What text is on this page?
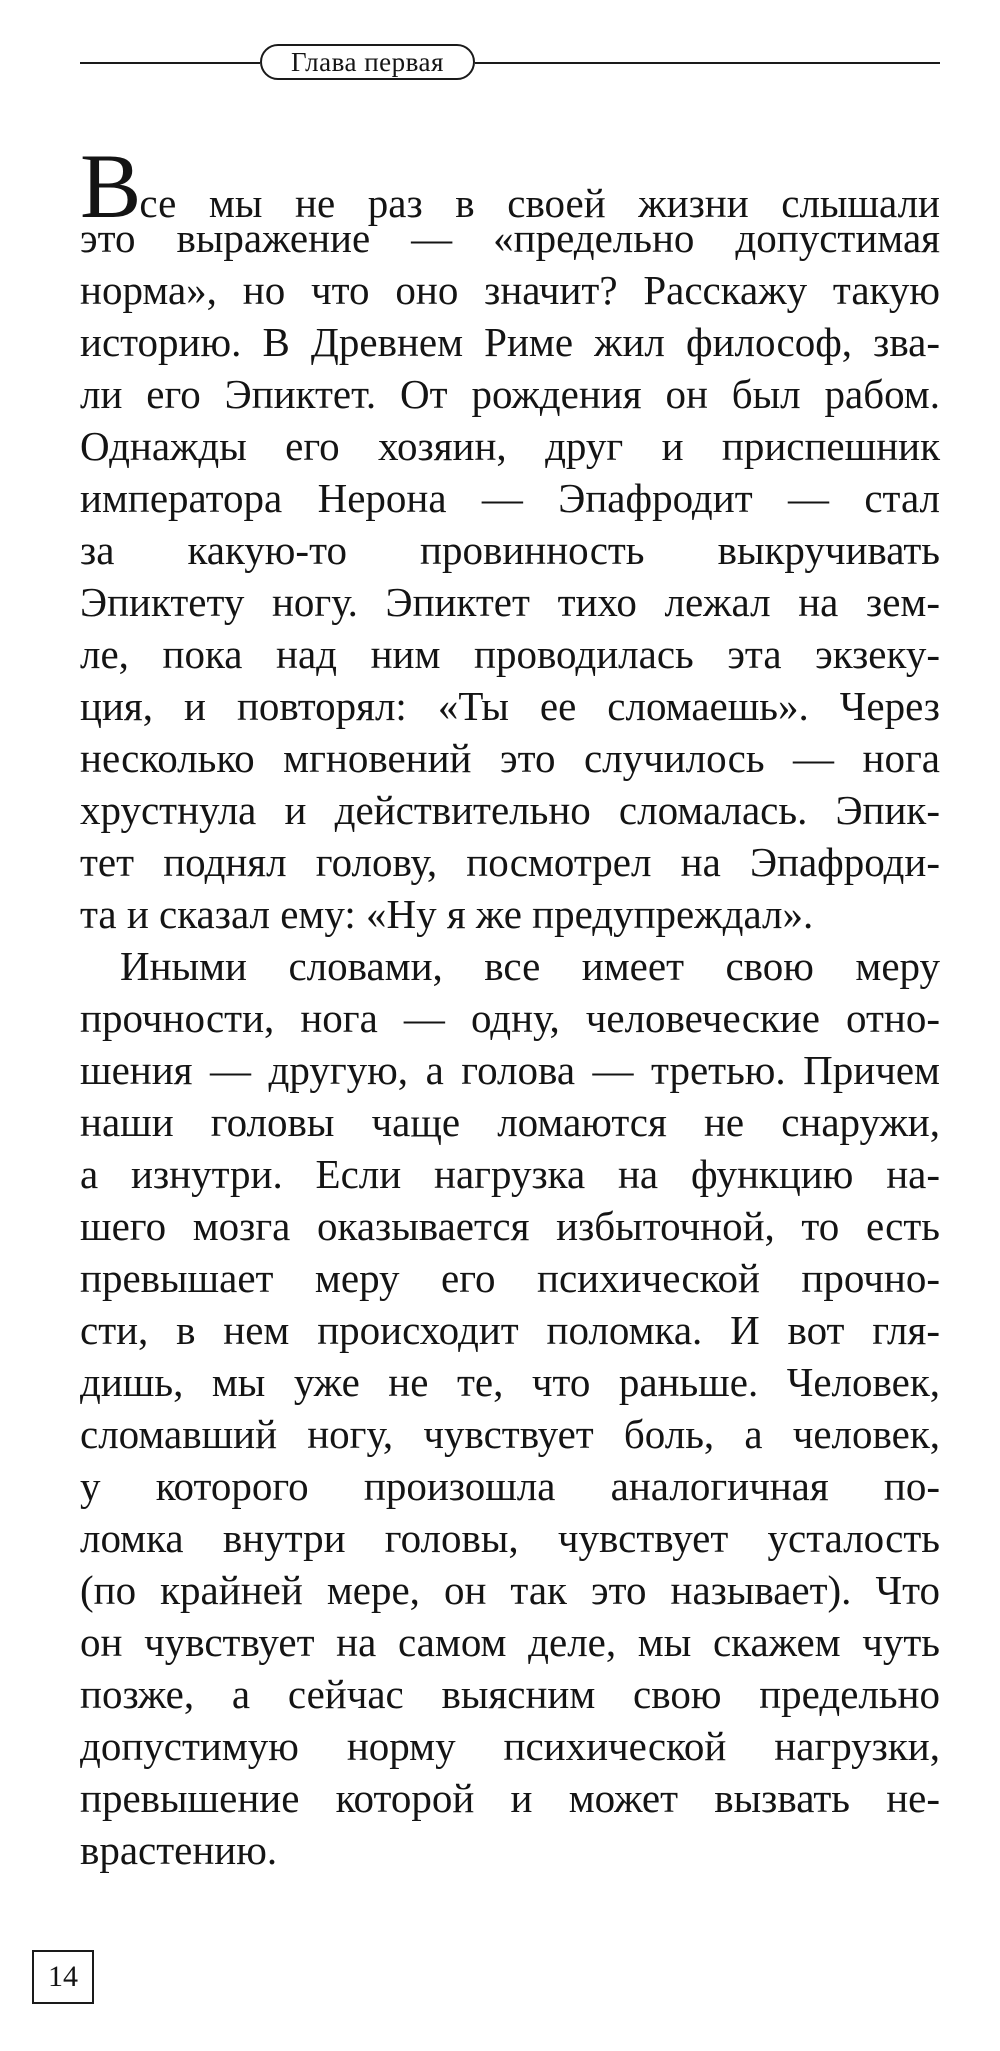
Глава первая
Все мы не раз в своей жизни слышали
это выражение — «предельно допустимая
норма», но что оно значит? Расскажу такую
историю. В Древнем Риме жил философ, зва-
ли его Эпиктет. От рождения он был рабом.
Однажды его хозяин, друг и приспешник
императора Нерона — Эпафродит — стал
за какую-то провинность выкручивать
Эпиктету ногу. Эпиктет тихо лежал на зем-
ле, пока над ним проводилась эта экзеку-
ция, и повторял: «Ты ее сломаешь». Через
несколько мгновений это случилось — нога
хрустнула и действительно сломалась. Эпик-
тет поднял голову, посмотрел на Эпафроди-
та и сказал ему: «Ну я же предупреждал».
Иными словами, все имеет свою меру
прочности, нога — одну, человеческие отно-
шения — другую, а голова — третью. Причем
наши головы чаще ломаются не снаружи,
а изнутри. Если нагрузка на функцию на-
шего мозга оказывается избыточной, то есть
превышает меру его психической прочно-
сти, в нем происходит поломка. И вот гля-
дишь, мы уже не те, что раньше. Человек,
сломавший ногу, чувствует боль, а человек,
у которого произошла аналогичная по-
ломка внутри головы, чувствует усталость
(по крайней мере, он так это называет). Что
он чувствует на самом деле, мы скажем чуть
позже, а сейчас выясним свою предельно
допустимую норму психической нагрузки,
превышение которой и может вызвать не-
врастению.
14
